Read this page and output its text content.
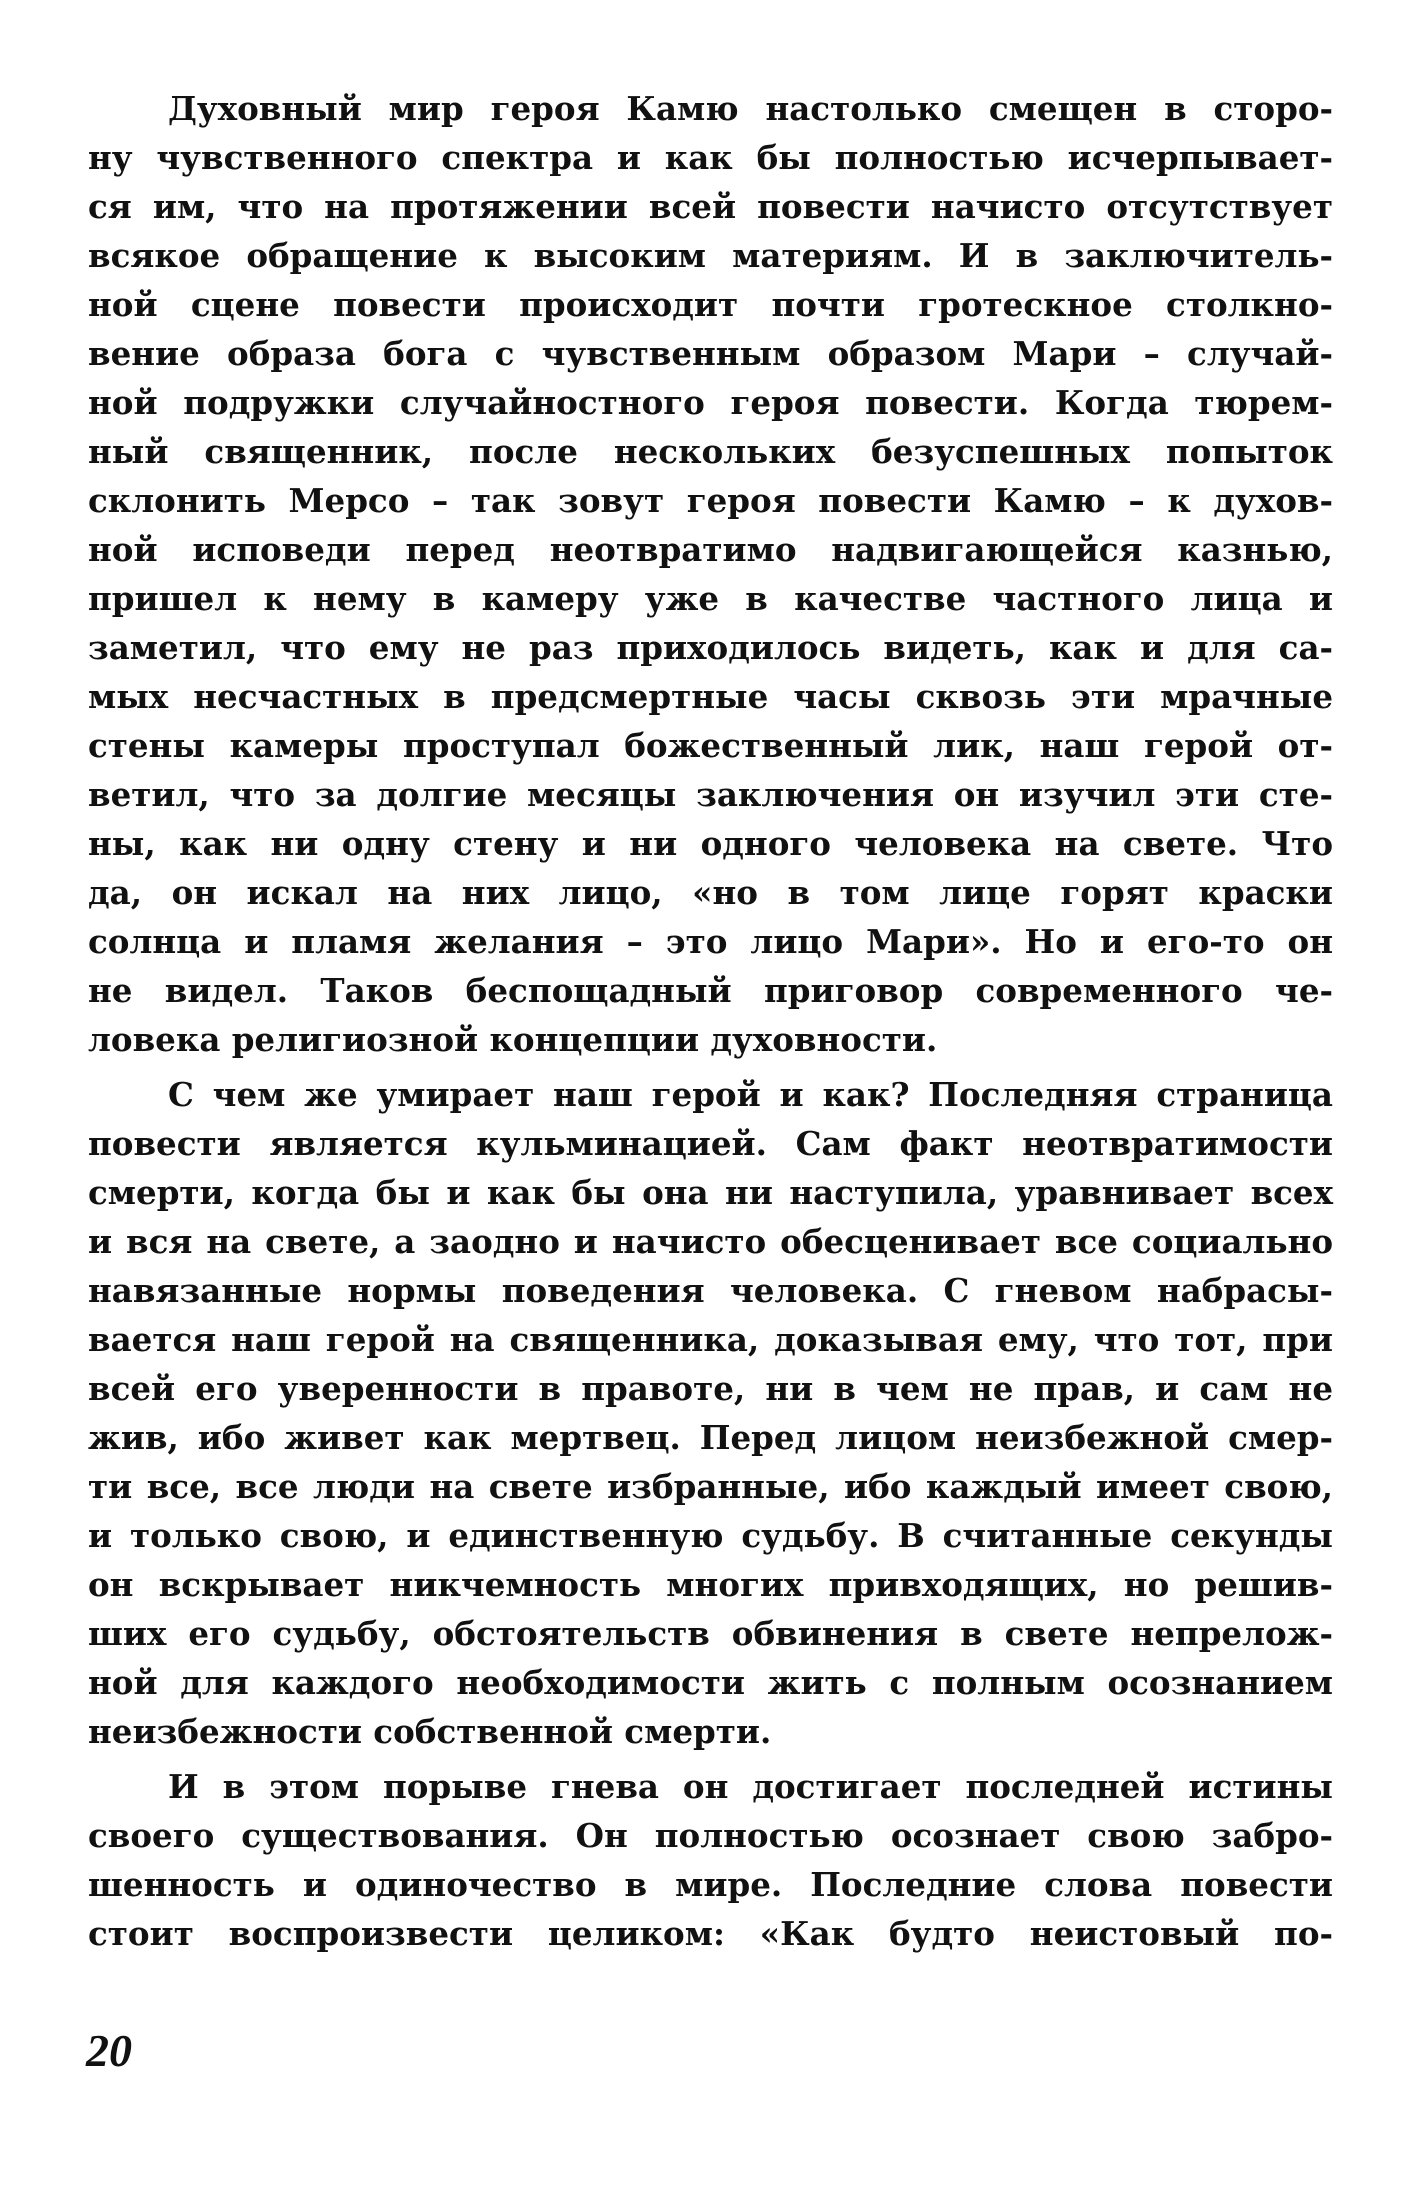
Духовный мир героя Камю настолько смещен в сторо-
ну чувственного спектра и как бы полностью исчерпывает-
ся им, что на протяжении всей повести начисто отсутствует
всякое обращение к высоким материям. И в заключитель-
ной сцене повести происходит почти гротескное столкно-
вение образа бога с чувственным образом Мари – случай-
ной подружки случайностного героя повести. Когда тюрем-
ный священник, после нескольких безуспешных попыток
склонить Мерсо – так зовут героя повести Камю – к духов-
ной исповеди перед неотвратимо надвигающейся казнью,
пришел к нему в камеру уже в качестве частного лица и
заметил, что ему не раз приходилось видеть, как и для са-
мых несчастных в предсмертные часы сквозь эти мрачные
стены камеры проступал божественный лик, наш герой от-
ветил, что за долгие месяцы заключения он изучил эти сте-
ны, как ни одну стену и ни одного человека на свете. Что
да, он искал на них лицо, «но в том лице горят краски
солнца и пламя желания – это лицо Мари». Но и его-то он
не видел. Таков беспощадный приговор современного че-
ловека религиозной концепции духовности.
С чем же умирает наш герой и как? Последняя страница
повести является кульминацией. Сам факт неотвратимости
смерти, когда бы и как бы она ни наступила, уравнивает всех
и вся на свете, а заодно и начисто обесценивает все социально
навязанные нормы поведения человека. С гневом набрасы-
вается наш герой на священника, доказывая ему, что тот, при
всей его уверенности в правоте, ни в чем не прав, и сам не
жив, ибо живет как мертвец. Перед лицом неизбежной смер-
ти все, все люди на свете избранные, ибо каждый имеет свою,
и только свою, и единственную судьбу. В считанные секунды
он вскрывает никчемность многих привходящих, но решив-
ших его судьбу, обстоятельств обвинения в свете непрелож-
ной для каждого необходимости жить с полным осознанием
неизбежности собственной смерти.
И в этом порыве гнева он достигает последней истины
своего существования. Он полностью осознает свою забро-
шенность и одиночество в мире. Последние слова повести
стоит воспроизвести целиком: «Как будто неистовый по-
20
